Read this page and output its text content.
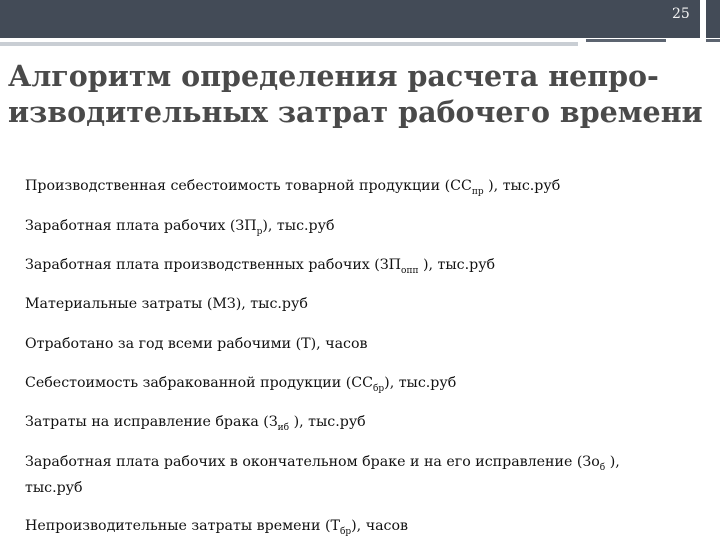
25
Алгоритм определения расчета непро-изводительных затрат рабочего времени

Производственная себестоимость товарной продукции ($СС_{пр}$ ), тыс.руб

Заработная плата рабочих $(ЗП_р)$, тыс.руб

Заработная плата производственных рабочих ($ЗП_{опп}$ ), тыс.руб

Материальные затраты (МЗ), тыс.руб

Отработано за год всеми рабочими (Т), часов

Себестоимость забракованной продукции $(СС_{бр})$, тыс.руб

Затраты на исправление брака ($З_{иб}$ ), тыс.руб

Заработная плата рабочих в окончательном браке и на его исправление ($Зо_б$ ),
тыс.руб

Непроизводительные затраты времени $(Т_{бр})$, часов
